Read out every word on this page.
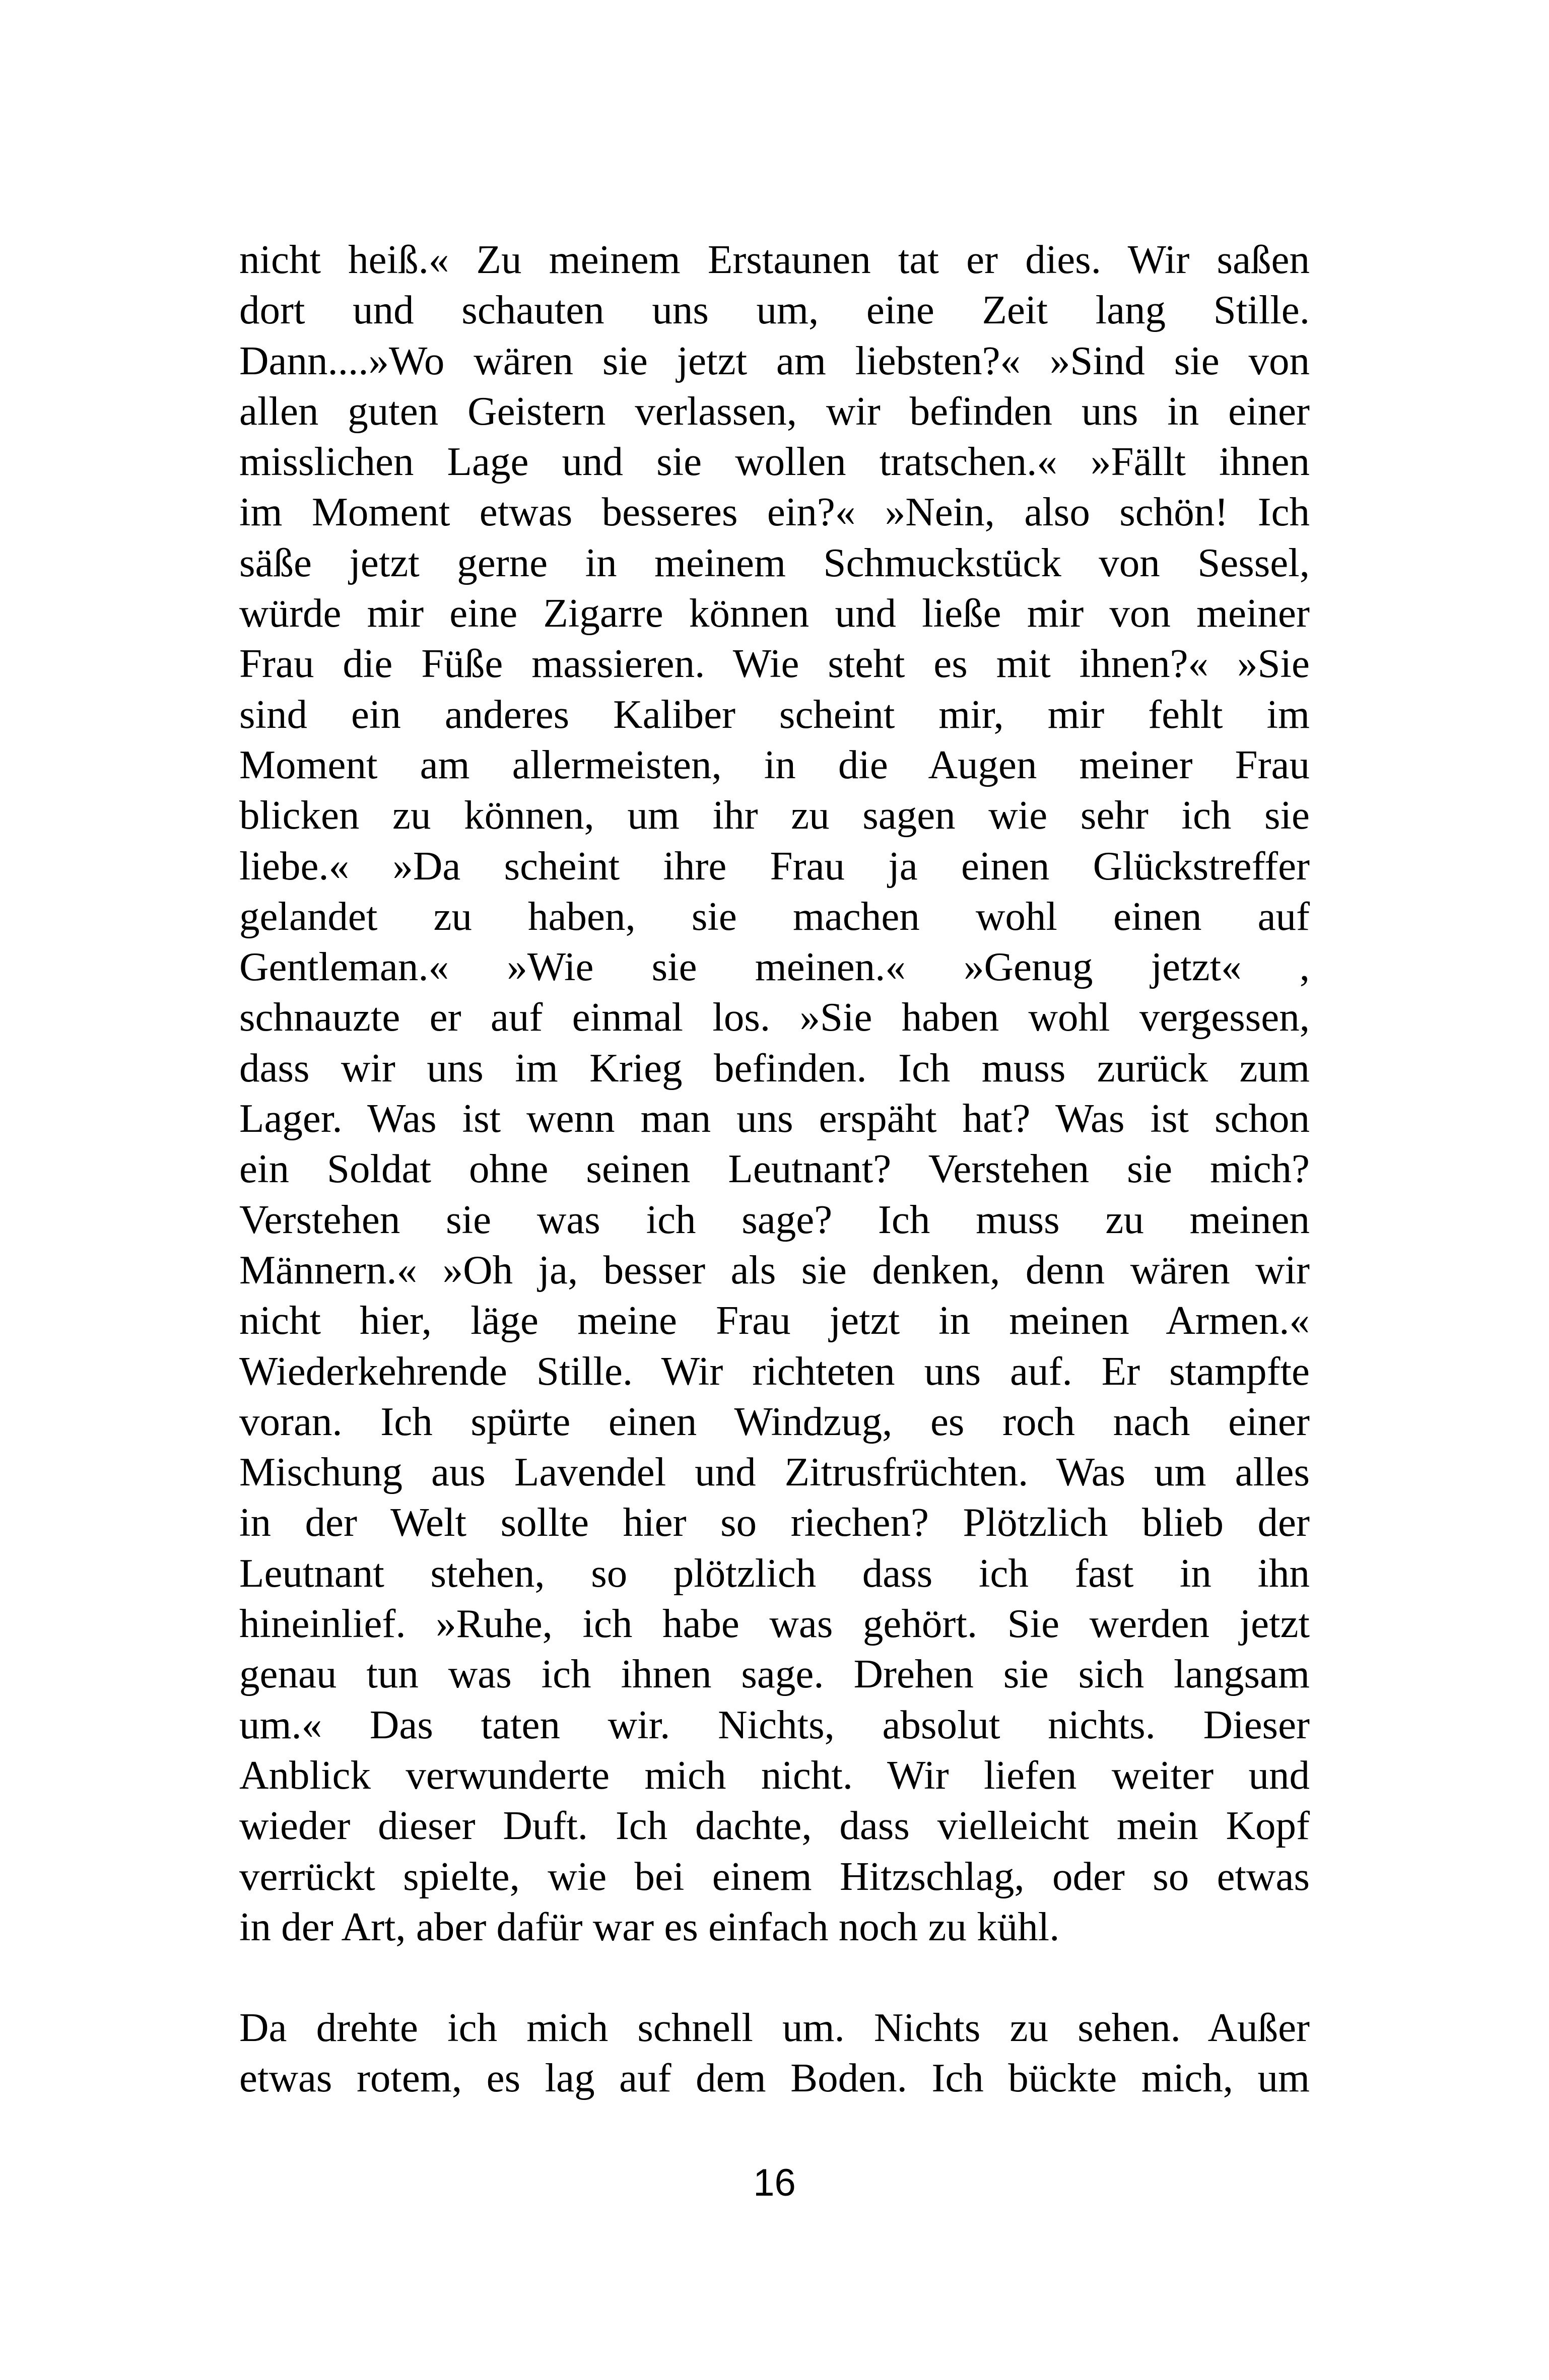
nicht heiß.« Zu meinem Erstaunen tat er dies. Wir saßen
dort und schauten uns um, eine Zeit lang Stille.
Dann....»Wo wären sie jetzt am liebsten?« »Sind sie von
allen guten Geistern verlassen, wir befinden uns in einer
misslichen Lage und sie wollen tratschen.« »Fällt ihnen
im Moment etwas besseres ein?« »Nein, also schön! Ich
säße jetzt gerne in meinem Schmuckstück von Sessel,
würde mir eine Zigarre können und ließe mir von meiner
Frau die Füße massieren. Wie steht es mit ihnen?« »Sie
sind ein anderes Kaliber scheint mir, mir fehlt im
Moment am allermeisten, in die Augen meiner Frau
blicken zu können, um ihr zu sagen wie sehr ich sie
liebe.« »Da scheint ihre Frau ja einen Glückstreffer
gelandet zu haben, sie machen wohl einen auf
Gentleman.« »Wie sie meinen.« »Genug jetzt« ,
schnauzte er auf einmal los. »Sie haben wohl vergessen,
dass wir uns im Krieg befinden. Ich muss zurück zum
Lager. Was ist wenn man uns erspäht hat? Was ist schon
ein Soldat ohne seinen Leutnant? Verstehen sie mich?
Verstehen sie was ich sage? Ich muss zu meinen
Männern.« »Oh ja, besser als sie denken, denn wären wir
nicht hier, läge meine Frau jetzt in meinen Armen.«
Wiederkehrende Stille. Wir richteten uns auf. Er stampfte
voran. Ich spürte einen Windzug, es roch nach einer
Mischung aus Lavendel und Zitrusfrüchten. Was um alles
in der Welt sollte hier so riechen? Plötzlich blieb der
Leutnant stehen, so plötzlich dass ich fast in ihn
hineinlief. »Ruhe, ich habe was gehört. Sie werden jetzt
genau tun was ich ihnen sage. Drehen sie sich langsam
um.« Das taten wir. Nichts, absolut nichts. Dieser
Anblick verwunderte mich nicht. Wir liefen weiter und
wieder dieser Duft. Ich dachte, dass vielleicht mein Kopf
verrückt spielte, wie bei einem Hitzschlag, oder so etwas
in der Art, aber dafür war es einfach noch zu kühl.
Da drehte ich mich schnell um. Nichts zu sehen. Außer
etwas rotem, es lag auf dem Boden. Ich bückte mich, um
16
